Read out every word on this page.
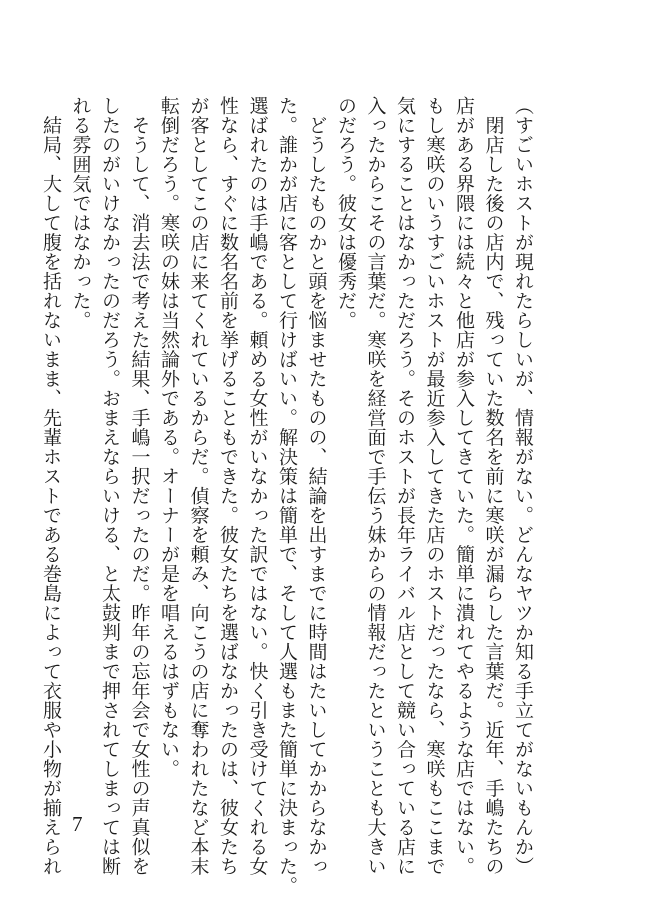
（すごいホストが現れたらしいが、情報がない。どんなヤツか知る手立てがないもんか）
　閉店した後の店内で、残っていた数名を前に寒咲が漏らした言葉だ。近年、手嶋たちの
店がある界隈には続々と他店が参入してきていた。簡単に潰れてやるような店ではない。
もし寒咲のいうすごいホストが最近参入してきた店のホストだったなら、寒咲もここまで
気にすることはなかっただろう。そのホストが長年ライバル店として競い合っている店に
入ったからこその言葉だ。寒咲を経営面で手伝う妹からの情報だったということも大きい
のだろう。彼女は優秀だ。
　どうしたものかと頭を悩ませたものの、結論を出すまでに時間はたいしてかからなかっ
た。誰かが店に客として行けばいい。解決策は簡単で、そして人選もまた簡単に決まった。
選ばれたのは手嶋である。頼める女性がいなかった訳ではない。快く引き受けてくれる女
性なら、すぐに数名名前を挙げることもできた。彼女たちを選ばなかったのは、彼女たち
が客としてこの店に来てくれているからだ。偵察を頼み、向こうの店に奪われたなど本末
転倒だろう。寒咲の妹は当然論外である。オーナーが是を唱えるはずもない。
　そうして、消去法で考えた結果、手嶋一択だったのだ。昨年の忘年会で女性の声真似を
したのがいけなかったのだろう。おまえならいける、と太鼓判まで押されてしまっては断
れる雰囲気ではなかった。
　結局、大して腹を括れないまま、先輩ホストである巻島によって衣服や小物が揃えられ 7
